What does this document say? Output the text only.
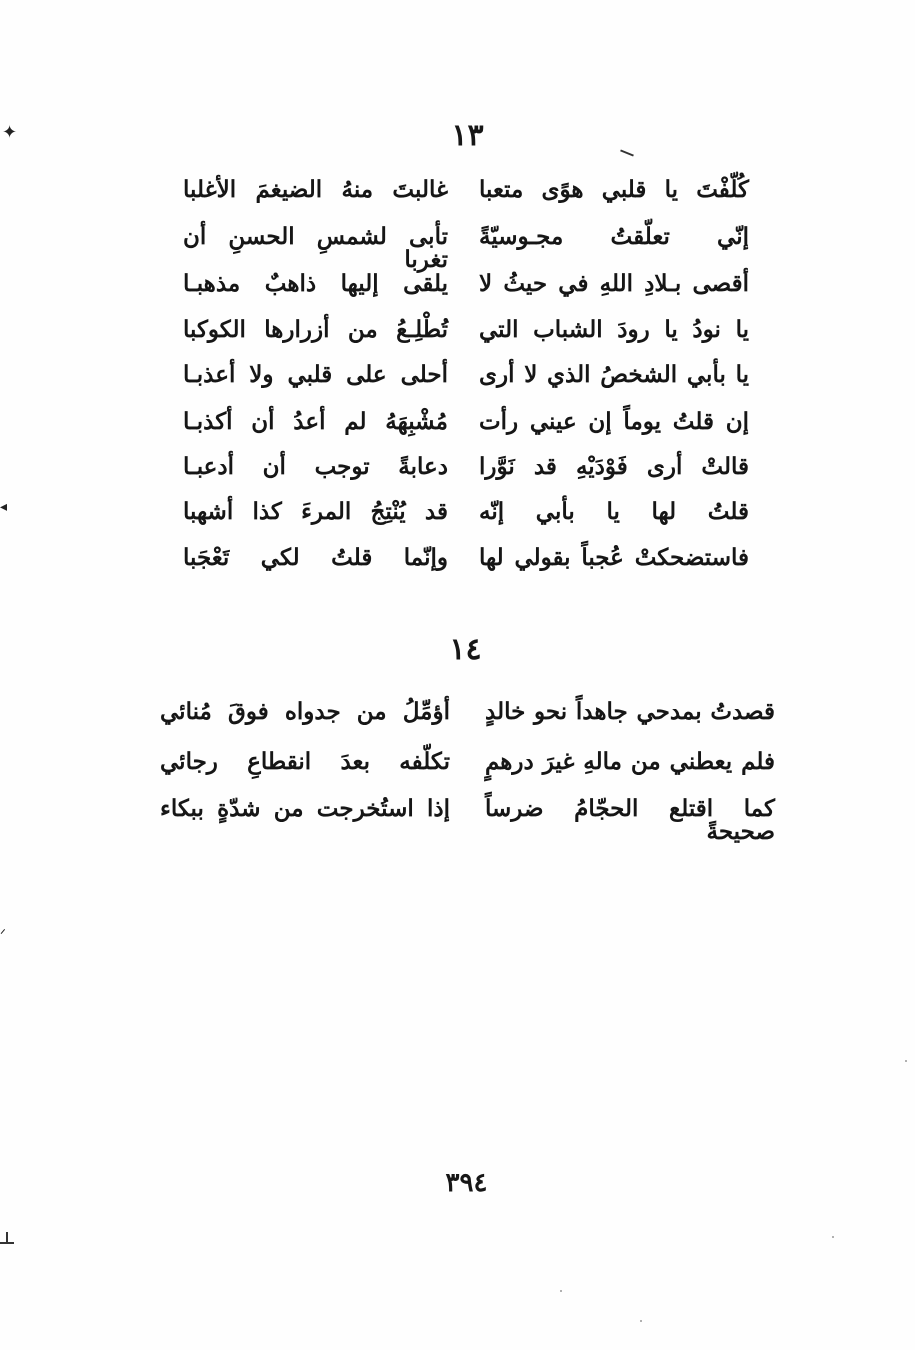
✦
◂
ᐟ
١٣
كُلّفْتَ يا قلبي هوًى متعبا
غالبتَ منهُ الضيغمَ الأغلبا
إنّي تعلّقتُ مجـوسيّةً
تأبى لشمسِ الحسنِ أن تغربا
أقصى بـلادِ اللهِ في حيثُ لا
يلقى إليها ذاهبٌ مذهبـا
يا نودُ يا رودَ الشباب التي
تُطْلِـعُ من أزرارها الكوكبا
يا بأبي الشخصُ الذي لا أرى
أحلى على قلبي ولا أعذبـا
إن قلتُ يوماً إن عيني رأت
مُشْبِهَهُ لم أعدُ أن أكذبـا
قالتْ أرى فَوْدَيْهِ قد نَوَّرا
دعابةً توجب أن أدعبـا
قلتُ لها يا بأبي إنّه
قد يُنْتِجُ المرءَ كذا أشهبا
فاستضحكتْ عُجباً بقولي لها
وإنّما قلتُ لكي تَعْجَبا
١٤
قصدتُ بمدحي جاهداً نحو خالدٍ
أؤمِّلُ من جدواه فوقَ مُنائي
فلم يعطني من مالهِ غيرَ درهمٍ
تكلّفه بعدَ انقطاعِ رجائي
كما اقتلع الحجّامُ ضرساً صحيحةً
إذا استُخرجت من شدّةٍ ببكاء
٣٩٤
